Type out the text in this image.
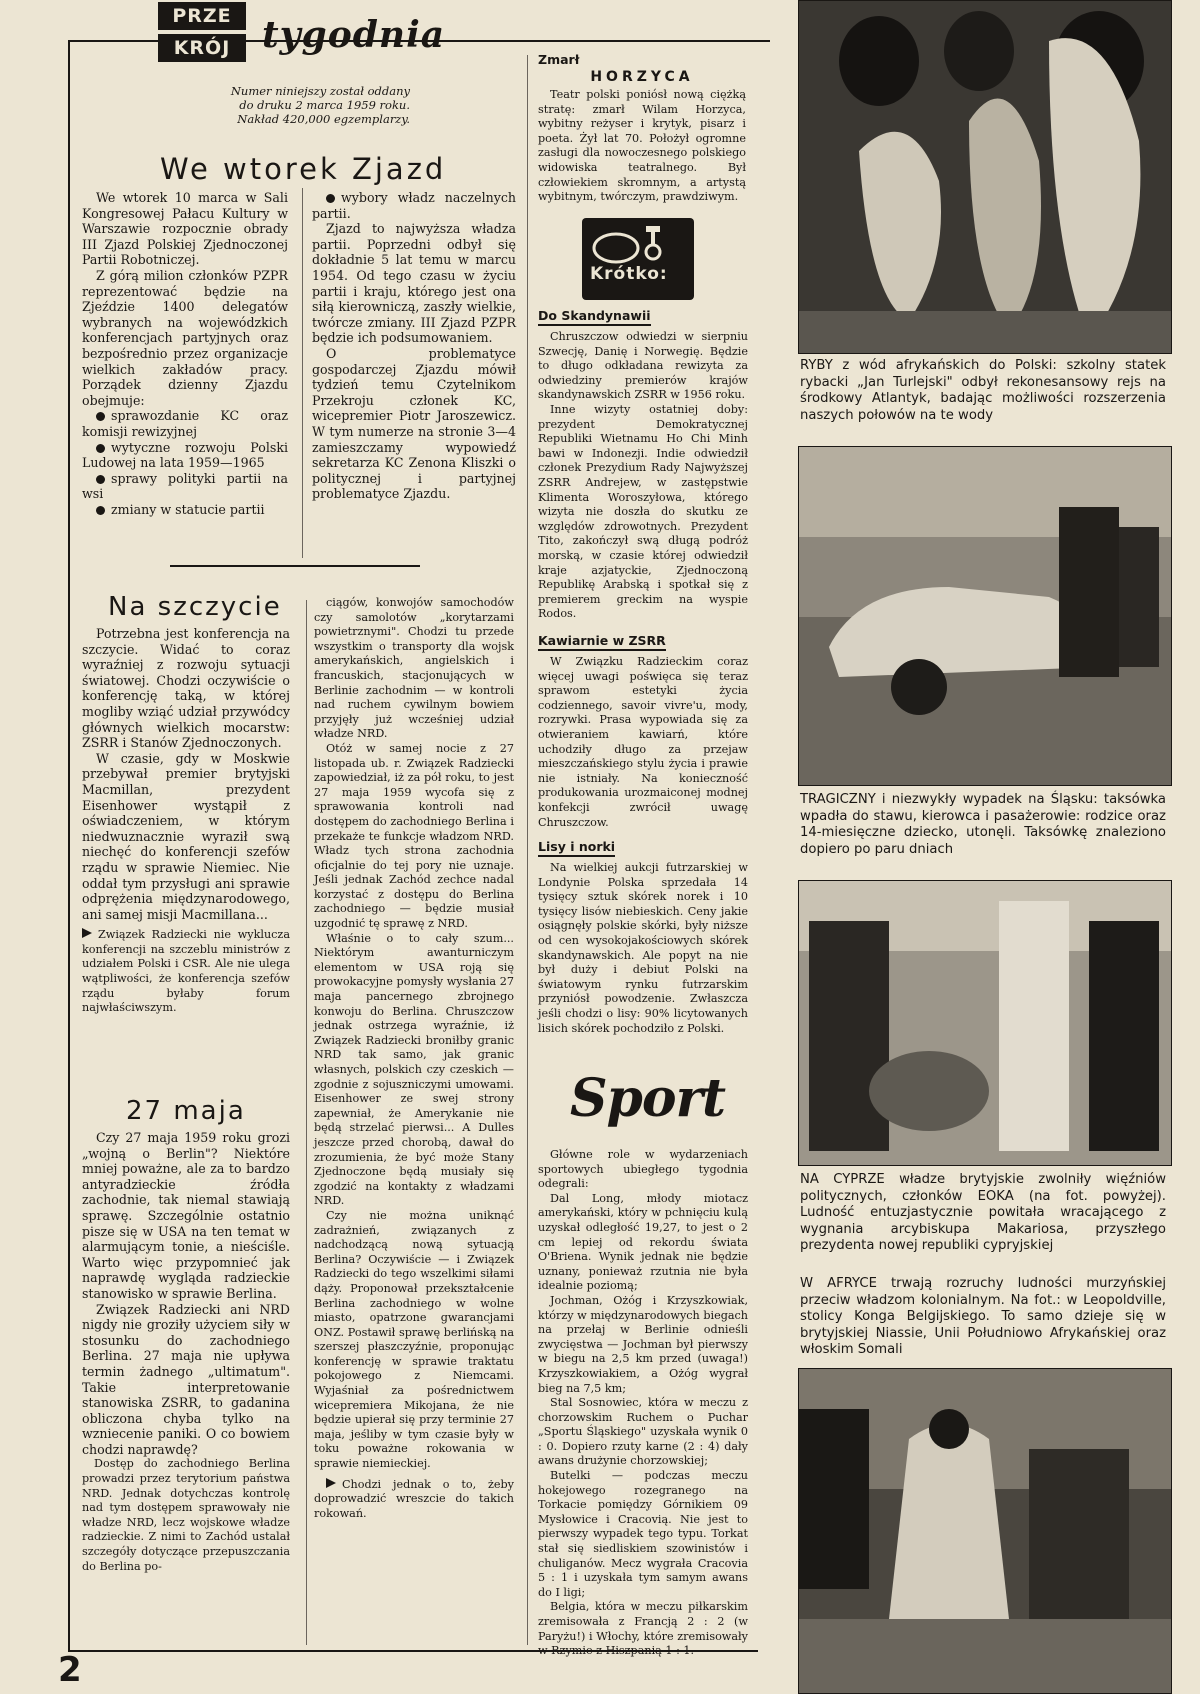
PRZE
KRÓJ tygodnia

Numer niniejszy został oddany

do druku 2 marca 1959 roku.

Nakład 420,000 egzemplarzy.

We wtorek Zjazd

We wtorek 10 marca w Sali Kongresowej Pałacu Kultury w Warszawie rozpocznie obrady III Zjazd Polskiej Zjednoczonej Partii Robotniczej.

Z górą milion członków PZPR reprezentować będzie na Zjeździe 1400 delegatów wybranych na wojewódzkich konferencjach partyjnych oraz bezpośrednio przez organizacje wielkich zakładów pracy. Porządek dzienny Zjazdu obejmuje:

sprawozdanie KC oraz komisji rewizyjnej

wytyczne rozwoju Polski Ludowej na lata 1959—1965

sprawy polityki partii na wsi

zmiany w statucie partii

wybory władz naczelnych partii.

Zjazd to najwyższa władza partii. Poprzedni odbył się dokładnie 5 lat temu w marcu 1954. Od tego czasu w życiu partii i kraju, którego jest ona siłą kierowniczą, zaszły wielkie, twórcze zmiany. III Zjazd PZPR będzie ich podsumowaniem.

O problematyce gospodarczej Zjazdu mówił tydzień temu Czytelnikom Przekroju członek KC, wicepremier Piotr Jaroszewicz. W tym numerze na stronie 3—4 zamieszczamy wypowiedź sekretarza KC Zenona Kliszki o politycznej i partyjnej problematyce Zjazdu.

Na szczycie

Potrzebna jest konferencja na szczycie. Widać to coraz wyraźniej z rozwoju sytuacji światowej. Chodzi oczywiście o konferencję taką, w której mogliby wziąć udział przywódcy głównych wielkich mocarstw: ZSRR i Stanów Zjednoczonych.

W czasie, gdy w Moskwie przebywał premier brytyjski Macmillan, prezydent Eisenhower wystąpił z oświadczeniem, w którym niedwuznacznie wyraził swą niechęć do konferencji szefów rządu w sprawie Niemiec. Nie oddał tym przysługi ani sprawie odprężenia międzynarodowego, ani samej misji Macmillana...

Związek Radziecki nie wyklucza konferencji na szczeblu ministrów z udziałem Polski i CSR. Ale nie ulega wątpliwości, że konferencja szefów rządu byłaby forum najwłaściwszym.

27 maja

Czy 27 maja 1959 roku grozi „wojną o Berlin"? Niektóre mniej poważne, ale za to bardzo antyradzieckie źródła zachodnie, tak niemal stawiają sprawę. Szczególnie ostatnio pisze się w USA na ten temat w alarmującym tonie, a nieściśle. Warto więc przypomnieć jak naprawdę wygląda radzieckie stanowisko w sprawie Berlina.

Związek Radziecki ani NRD nigdy nie groziły użyciem siły w stosunku do zachodniego Berlina. 27 maja nie upływa termin żadnego „ultimatum". Takie interpretowanie stanowiska ZSRR, to gadanina obliczona chyba tylko na wzniecenie paniki. O co bowiem chodzi naprawdę?

Dostęp do zachodniego Berlina prowadzi przez terytorium państwa NRD. Jednak dotychczas kontrolę nad tym dostępem sprawowały nie władze NRD, lecz wojskowe władze radzieckie. Z nimi to Zachód ustalał szczegóły dotyczące przepuszczania do Berlina po-

ciągów, konwojów samochodów czy samolotów „korytarzami powietrznymi". Chodzi tu przede wszystkim o transporty dla wojsk amerykańskich, angielskich i francuskich, stacjonujących w Berlinie zachodnim — w kontroli nad ruchem cywilnym bowiem przyjęły już wcześniej udział władze NRD.

Otóż w samej nocie z 27 listopada ub. r. Związek Radziecki zapowiedział, iż za pół roku, to jest 27 maja 1959 wycofa się z sprawowania kontroli nad dostępem do zachodniego Berlina i przekaże te funkcje władzom NRD. Władz tych strona zachodnia oficjalnie do tej pory nie uznaje. Jeśli jednak Zachód zechce nadal korzystać z dostępu do Berlina zachodniego — będzie musiał uzgodnić tę sprawę z NRD.

Właśnie o to cały szum... Niektórym awanturniczym elementom w USA roją się prowokacyjne pomysły wysłania 27 maja pancernego zbrojnego konwoju do Berlina. Chruszczow jednak ostrzega wyraźnie, iż Związek Radziecki broniłby granic NRD tak samo, jak granic własnych, polskich czy czeskich — zgodnie z sojuszniczymi umowami. Eisenhower ze swej strony zapewniał, że Amerykanie nie będą strzelać pierwsi... A Dulles jeszcze przed chorobą, dawał do zrozumienia, że być może Stany Zjednoczone będą musiały się zgodzić na kontakty z władzami NRD.

Czy nie można uniknąć zadrażnień, związanych z nadchodzącą nową sytuacją Berlina? Oczywiście — i Związek Radziecki do tego wszelkimi siłami dąży. Proponował przekształcenie Berlina zachodniego w wolne miasto, opatrzone gwarancjami ONZ. Postawił sprawę berlińską na szerszej płaszczyźnie, proponując konferencję w sprawie traktatu pokojowego z Niemcami. Wyjaśniał za pośrednictwem wicepremiera Mikojana, że nie będzie upierał się przy terminie 27 maja, jeśliby w tym czasie były w toku poważne rokowania w sprawie niemieckiej.

Chodzi jednak o to, żeby doprowadzić wreszcie do takich rokowań.

Zmarł
HORZYCA

Teatr polski poniósł nową ciężką stratę: zmarł Wilam Horzyca, wybitny reżyser i krytyk, pisarz i poeta. Żył lat 70. Położył ogromne zasługi dla nowoczesnego polskiego widowiska teatralnego. Był człowiekiem skromnym, a artystą wybitnym, twórczym, prawdziwym.

Krótko:
Do Skandynawii

Chruszczow odwiedzi w sierpniu Szwecję, Danię i Norwegię. Będzie to długo odkładana rewizyta za odwiedziny premierów krajów skandynawskich ZSRR w 1956 roku.

Inne wizyty ostatniej doby: prezydent Demokratycznej Republiki Wietnamu Ho Chi Minh bawi w Indonezji. Indie odwiedził członek Prezydium Rady Najwyższej ZSRR Andrejew, w zastępstwie Klimenta Woroszyłowa, którego wizyta nie doszła do skutku ze względów zdrowotnych. Prezydent Tito, zakończył swą długą podróż morską, w czasie której odwiedził kraje azjatyckie, Zjednoczoną Republikę Arabską i spotkał się z premierem greckim na wyspie Rodos.

Kawiarnie w ZSRR

W Związku Radzieckim coraz więcej uwagi poświęca się teraz sprawom estetyki życia codziennego, savoir vivre'u, mody, rozrywki. Prasa wypowiada się za otwieraniem kawiarń, które uchodziły długo za przejaw mieszczańskiego stylu życia i prawie nie istniały. Na konieczność produkowania urozmaiconej modnej konfekcji zwrócił uwagę Chruszczow.

Lisy i norki

Na wielkiej aukcji futrzarskiej w Londynie Polska sprzedała 14 tysięcy sztuk skórek norek i 10 tysięcy lisów niebieskich. Ceny jakie osiągnęły polskie skórki, były niższe od cen wysokojakościowych skórek skandynawskich. Ale popyt na nie był duży i debiut Polski na światowym rynku futrzarskim przyniósł powodzenie. Zwłaszcza jeśli chodzi o lisy: 90% licytowanych lisich skórek pochodziło z Polski.

Sport

Główne role w wydarzeniach sportowych ubiegłego tygodnia odegrali:

Dal Long, młody miotacz amerykański, który w pchnięciu kulą uzyskał odległość 19,27, to jest o 2 cm lepiej od rekordu świata O'Briena. Wynik jednak nie będzie uznany, ponieważ rzutnia nie była idealnie poziomą;

Jochman, Ożóg i Krzyszkowiak, którzy w międzynarodowych biegach na przełaj w Berlinie odnieśli zwycięstwa — Jochman był pierwszy w biegu na 2,5 km przed (uwaga!) Krzyszkowiakiem, a Ożóg wygrał bieg na 7,5 km;

Stal Sosnowiec, która w meczu z chorzowskim Ruchem o Puchar „Sportu Śląskiego" uzyskała wynik 0 : 0. Dopiero rzuty karne (2 : 4) dały awans drużynie chorzowskiej;

Butelki — podczas meczu hokejowego rozegranego na Torkacie pomiędzy Górnikiem 09 Mysłowice i Cracovią. Nie jest to pierwszy wypadek tego typu. Torkat stał się siedliskiem szowinistów i chuliganów. Mecz wygrała Cracovia 5 : 1 i uzyskała tym samym awans do I ligi;

Belgia, która w meczu piłkarskim zremisowała z Francją 2 : 2 (w Paryżu!) i Włochy, które zremisowały w Rzymie z Hiszpanią 1 : 1.

RYBY z wód afrykańskich do Polski: szkolny statek rybacki „Jan Turlejski" odbył rekonesansowy rejs na środkowy Atlantyk, badając możliwości rozszerzenia naszych połowów na te wody
TRAGICZNY i niezwykły wypadek na Śląsku: taksówka wpadła do stawu, kierowca i pasażerowie: rodzice oraz 14-miesięczne dziecko, utonęli. Taksówkę znaleziono dopiero po paru dniach
NA CYPRZE władze brytyjskie zwolniły więźniów politycznych, członków EOKA (na fot. powyżej). Ludność entuzjastycznie powitała wracającego z wygnania arcybiskupa Makariosa, przyszłego prezydenta nowej republiki cypryjskiej
W AFRYCE trwają rozruchy ludności murzyńskiej przeciw władzom kolonialnym. Na fot.: w Leopoldville, stolicy Konga Belgijskiego. To samo dzieje się w brytyjskiej Niassie, Unii Południowo Afrykańskiej oraz włoskim Somali
2
